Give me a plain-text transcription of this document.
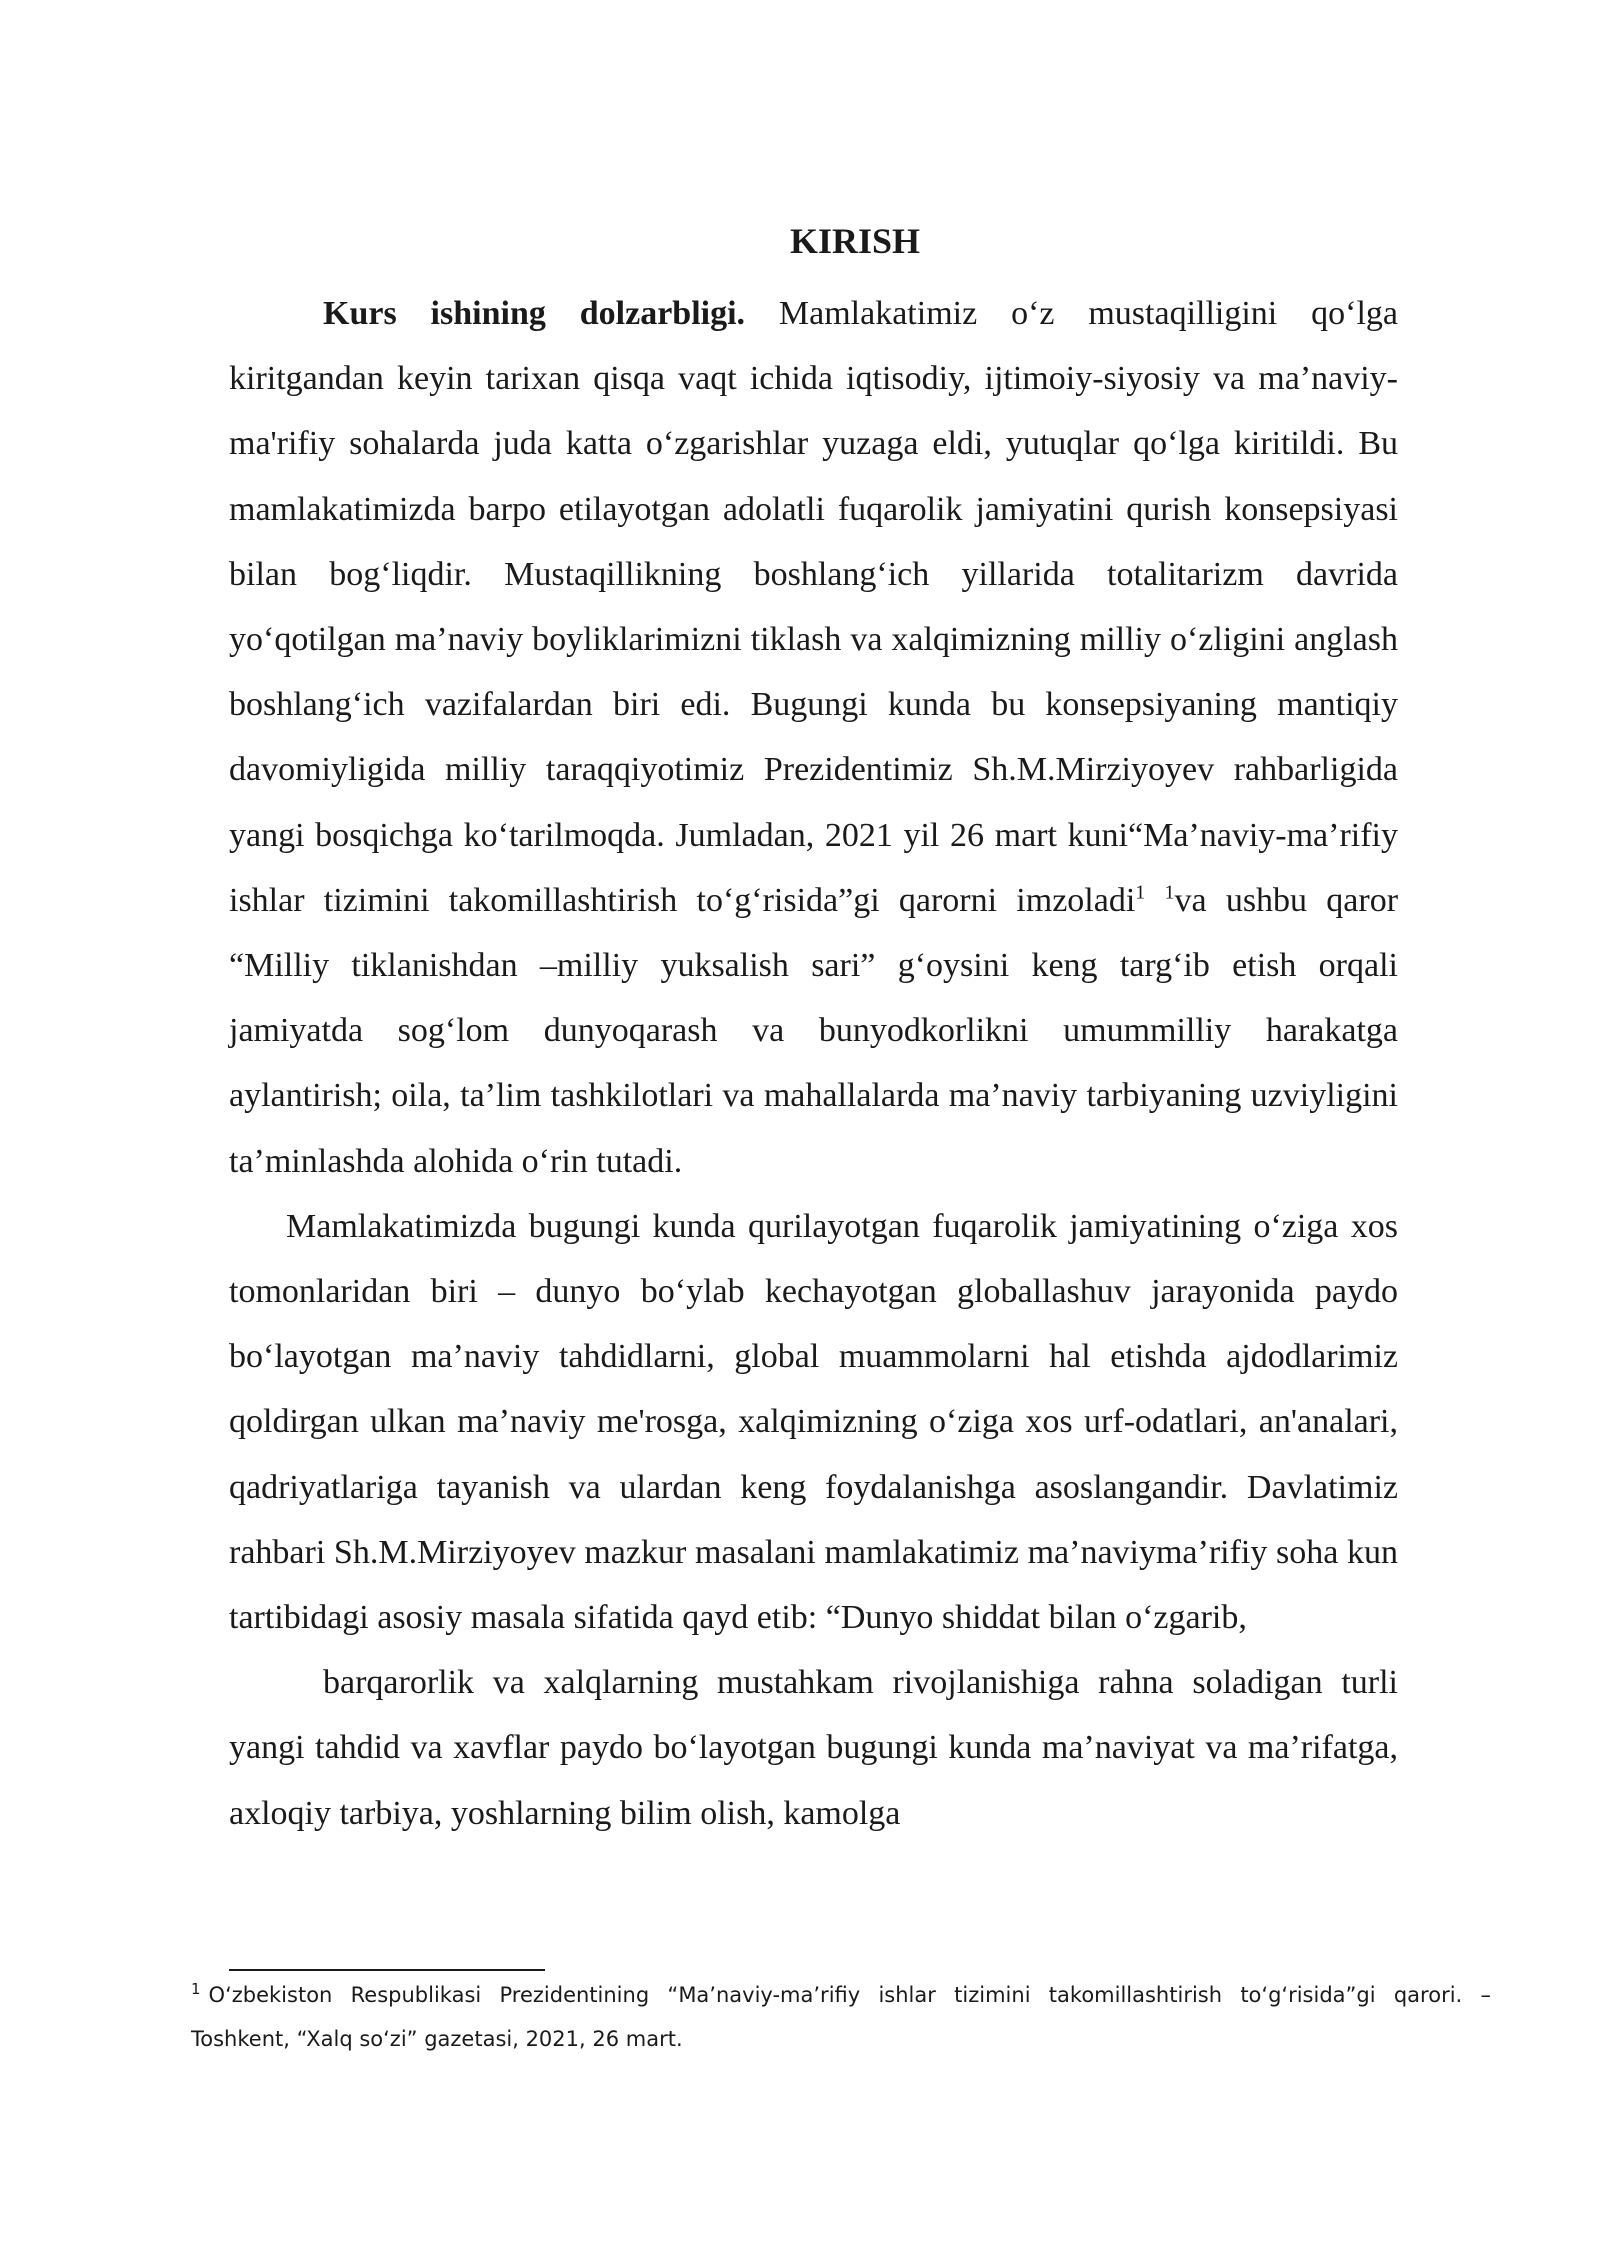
KIRISH

Kurs ishining dolzarbligi. Mamlakatimiz o‘z mustaqilligini qo‘lga kiritgandan keyin tarixan qisqa vaqt ichida iqtisodiy, ijtimoiy-siyosiy va ma’naviy-ma'rifiy sohalarda juda katta o‘zgarishlar yuzaga eldi, yutuqlar qo‘lga kiritildi. Bu mamlakatimizda barpo etilayotgan adolatli fuqarolik jamiyatini qurish konsepsiyasi bilan bog‘liqdir. Mustaqillikning boshlang‘ich yillarida totalitarizm davrida yo‘qotilgan ma’naviy boyliklarimizni tiklash va xalqimizning milliy o‘zligini anglash boshlang‘ich vazifalardan biri edi. Bugungi kunda bu konsepsiyaning mantiqiy davomiyligida milliy taraqqiyotimiz Prezidentimiz Sh.M.Mirziyoyev rahbarligida yangi bosqichga ko‘tarilmoqda. Jumladan, 2021 yil 26 mart kuni“Ma’naviy-ma’rifiy ishlar tizimini takomillashtirish to‘g‘risida”gi qarorni imzoladi$^1$ $^1$va ushbu qaror “Milliy tiklanishdan –milliy yuksalish sari” g‘oysini keng targ‘ib etish orqali jamiyatda sog‘lom dunyoqarash va bunyodkorlikni umummilliy harakatga aylantirish; oila, ta’lim tashkilotlari va mahallalarda ma’naviy tarbiyaning uzviyligini ta’minlashda alohida o‘rin tutadi.

Mamlakatimizda bugungi kunda qurilayotgan fuqarolik jamiyatining o‘ziga xos tomonlaridan biri – dunyo bo‘ylab kechayotgan globallashuv jarayonida paydo bo‘layotgan ma’naviy tahdidlarni, global muammolarni hal etishda ajdodlarimiz qoldirgan ulkan ma’naviy me'rosga, xalqimizning o‘ziga xos urf-odatlari, an'analari, qadriyatlariga tayanish va ulardan keng foydalanishga asoslangandir. Davlatimiz rahbari Sh.M.Mirziyoyev mazkur masalani mamlakatimiz ma’naviyma’rifiy soha kun tartibidagi asosiy masala sifatida qayd etib: “Dunyo shiddat bilan o‘zgarib,

barqarorlik va xalqlarning mustahkam rivojlanishiga rahna soladigan turli yangi tahdid va xavflar paydo bo‘layotgan bugungi kunda ma’naviyat va ma’rifatga, axloqiy tarbiya, yoshlarning bilim olish, kamolga

$^1$ O‘zbekiston Respublikasi Prezidentining “Ma’naviy-ma’rifiy ishlar tizimini takomillashtirish to‘g‘risida”gi qarori. – Toshkent, “Xalq so‘zi” gazetasi, 2021, 26 mart.
